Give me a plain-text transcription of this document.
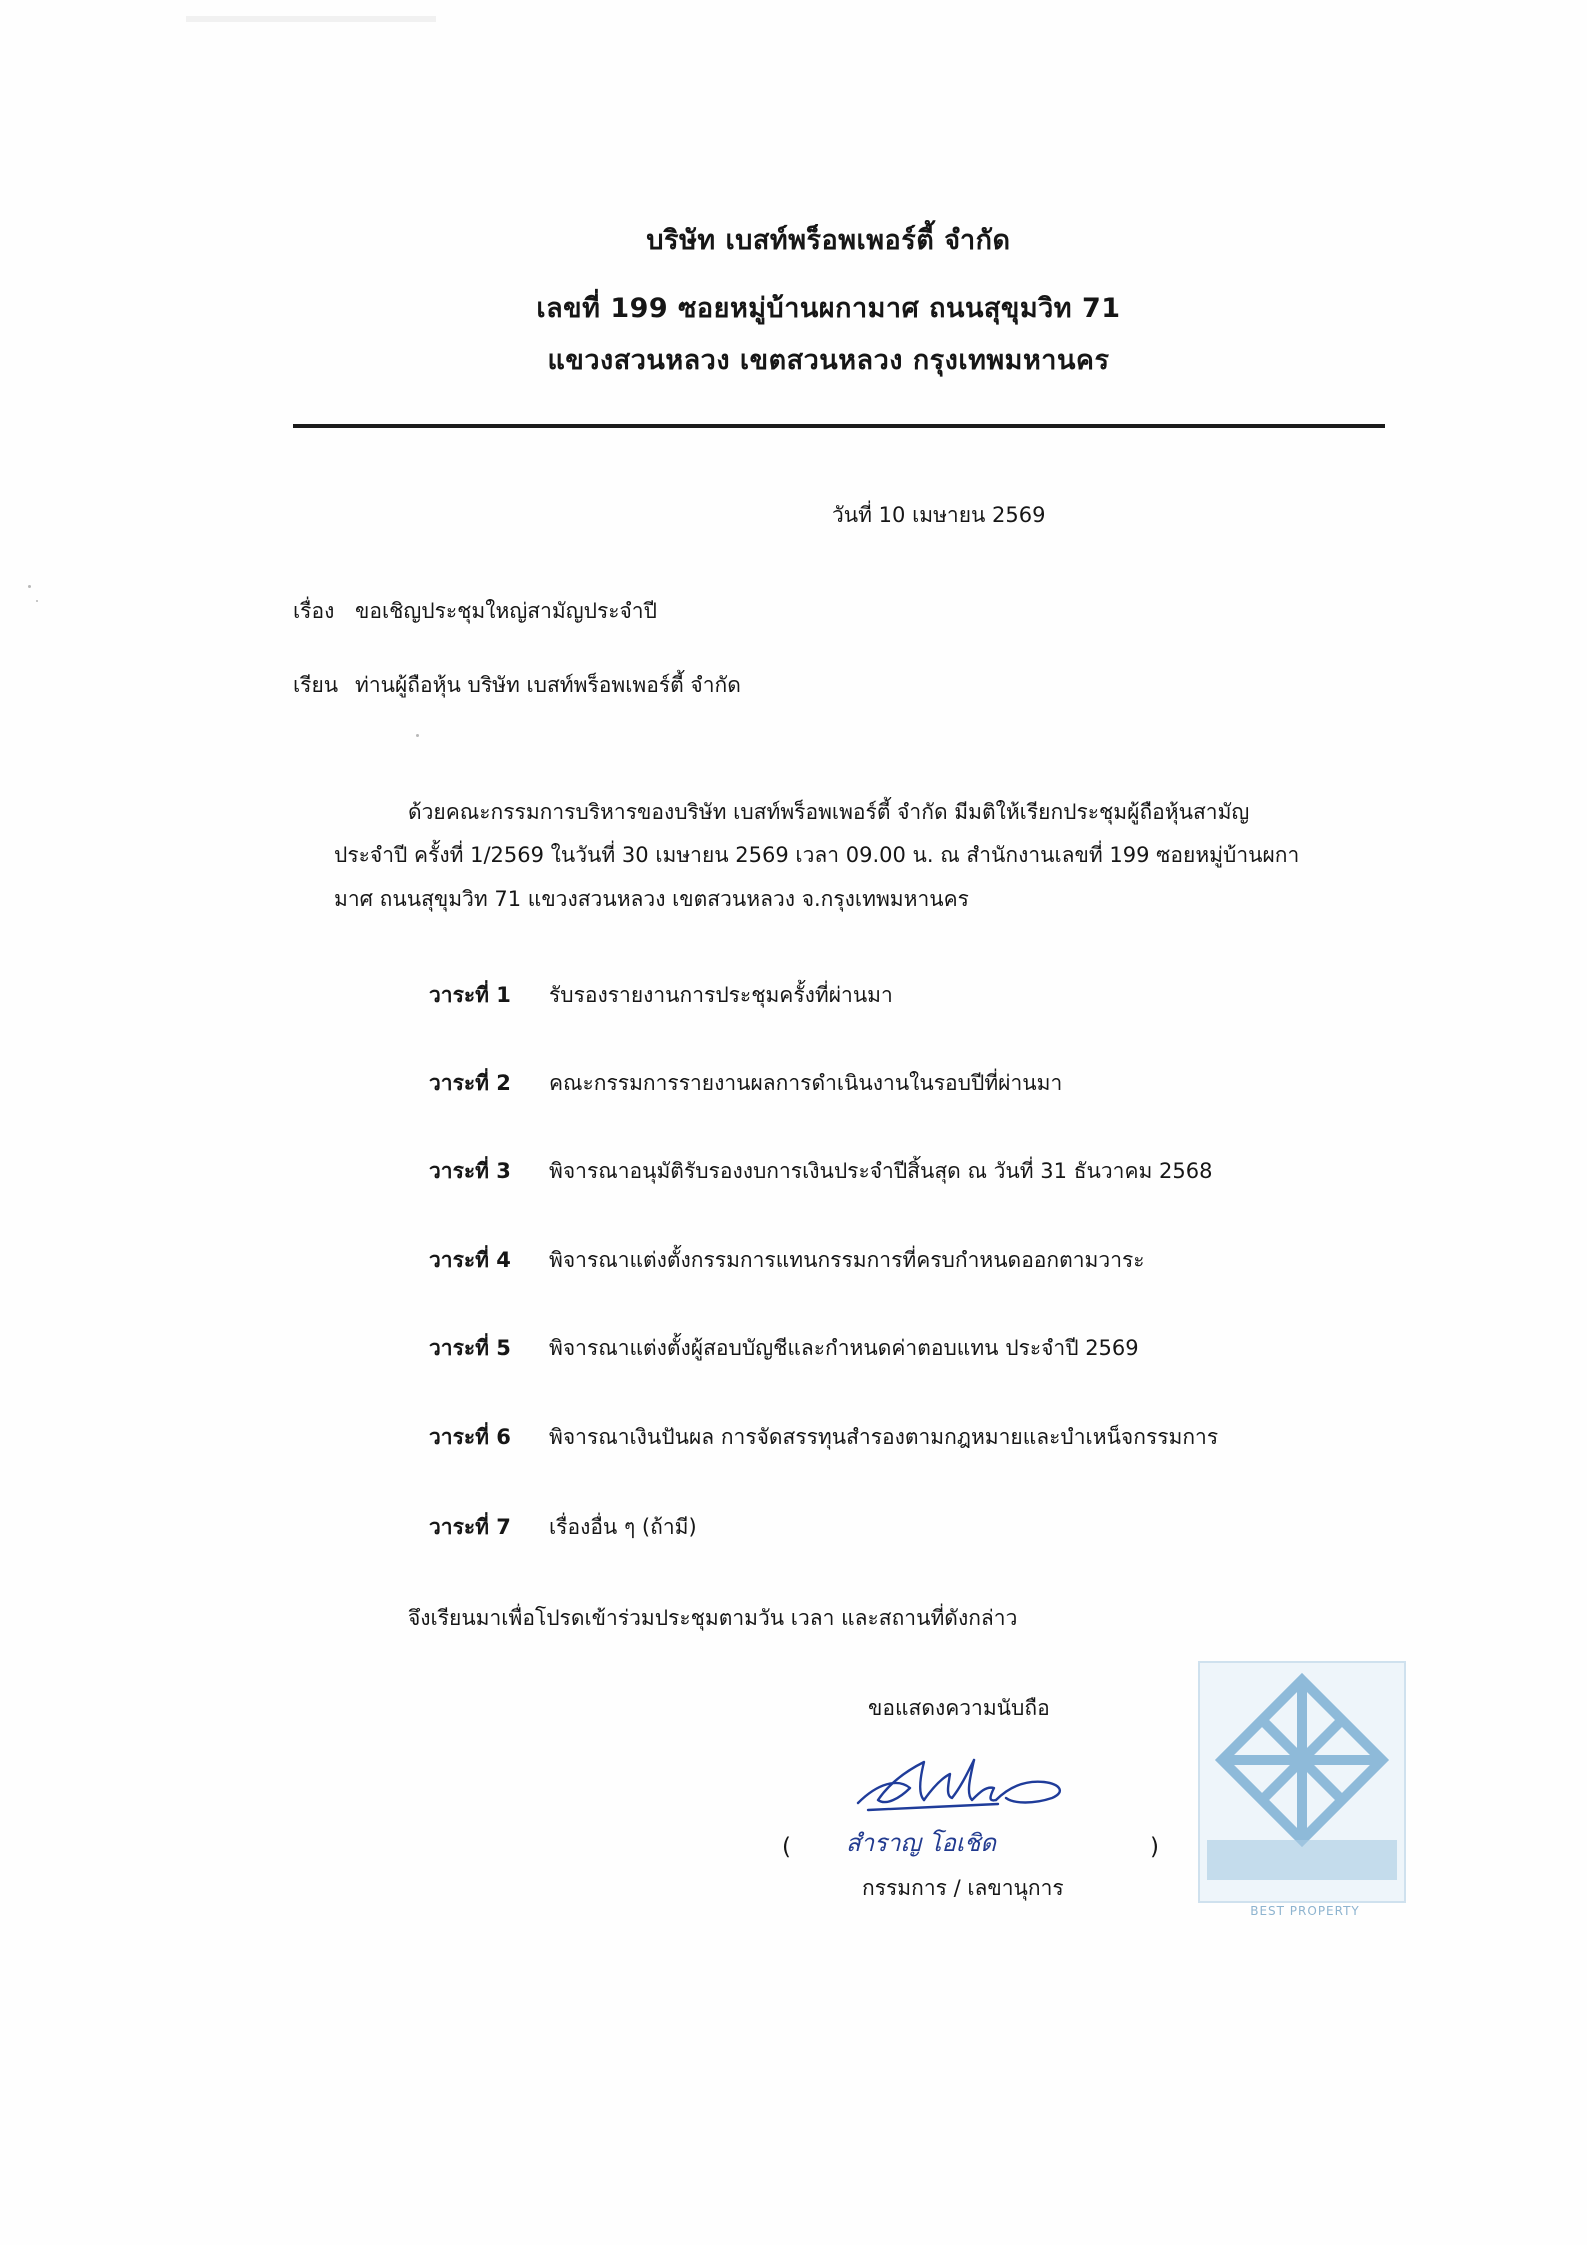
บริษัท เบสท์พร็อพเพอร์ตี้ จำกัด
เลขที่ 199 ซอยหมู่บ้านผกามาศ ถนนสุขุมวิท 71
แขวงสวนหลวง เขตสวนหลวง กรุงเทพมหานคร
วันที่ 10 เมษายน 2569
เรื่อง ขอเชิญประชุมใหญ่สามัญประจำปี
เรียน ท่านผู้ถือหุ้น บริษัท เบสท์พร็อพเพอร์ตี้ จำกัด
ด้วยคณะกรรมการบริหารของบริษัท เบสท์พร็อพเพอร์ตี้ จำกัด มีมติให้เรียกประชุมผู้ถือหุ้นสามัญ
ประจำปี ครั้งที่ 1/2569 ในวันที่ 30 เมษายน 2569 เวลา 09.00 น. ณ สำนักงานเลขที่ 199 ซอยหมู่บ้านผกา
มาศ ถนนสุขุมวิท 71 แขวงสวนหลวง เขตสวนหลวง จ.กรุงเทพมหานคร
วาระที่ 1 รับรองรายงานการประชุมครั้งที่ผ่านมา
วาระที่ 2 คณะกรรมการรายงานผลการดำเนินงานในรอบปีที่ผ่านมา
วาระที่ 3 พิจารณาอนุมัติรับรองงบการเงินประจำปีสิ้นสุด ณ วันที่ 31 ธันวาคม 2568
วาระที่ 4 พิจารณาแต่งตั้งกรรมการแทนกรรมการที่ครบกำหนดออกตามวาระ
วาระที่ 5 พิจารณาแต่งตั้งผู้สอบบัญชีและกำหนดค่าตอบแทน ประจำปี 2569
วาระที่ 6 พิจารณาเงินปันผล การจัดสรรทุนสำรองตามกฎหมายและบำเหน็จกรรมการ
วาระที่ 7 เรื่องอื่น ๆ (ถ้ามี)
จึงเรียนมาเพื่อโปรดเข้าร่วมประชุมตามวัน เวลา และสถานที่ดังกล่าว
ขอแสดงความนับถือ
( สำราญ โอเชิด	)
กรรมการ / เลขานุการ
BEST PROPERTY
